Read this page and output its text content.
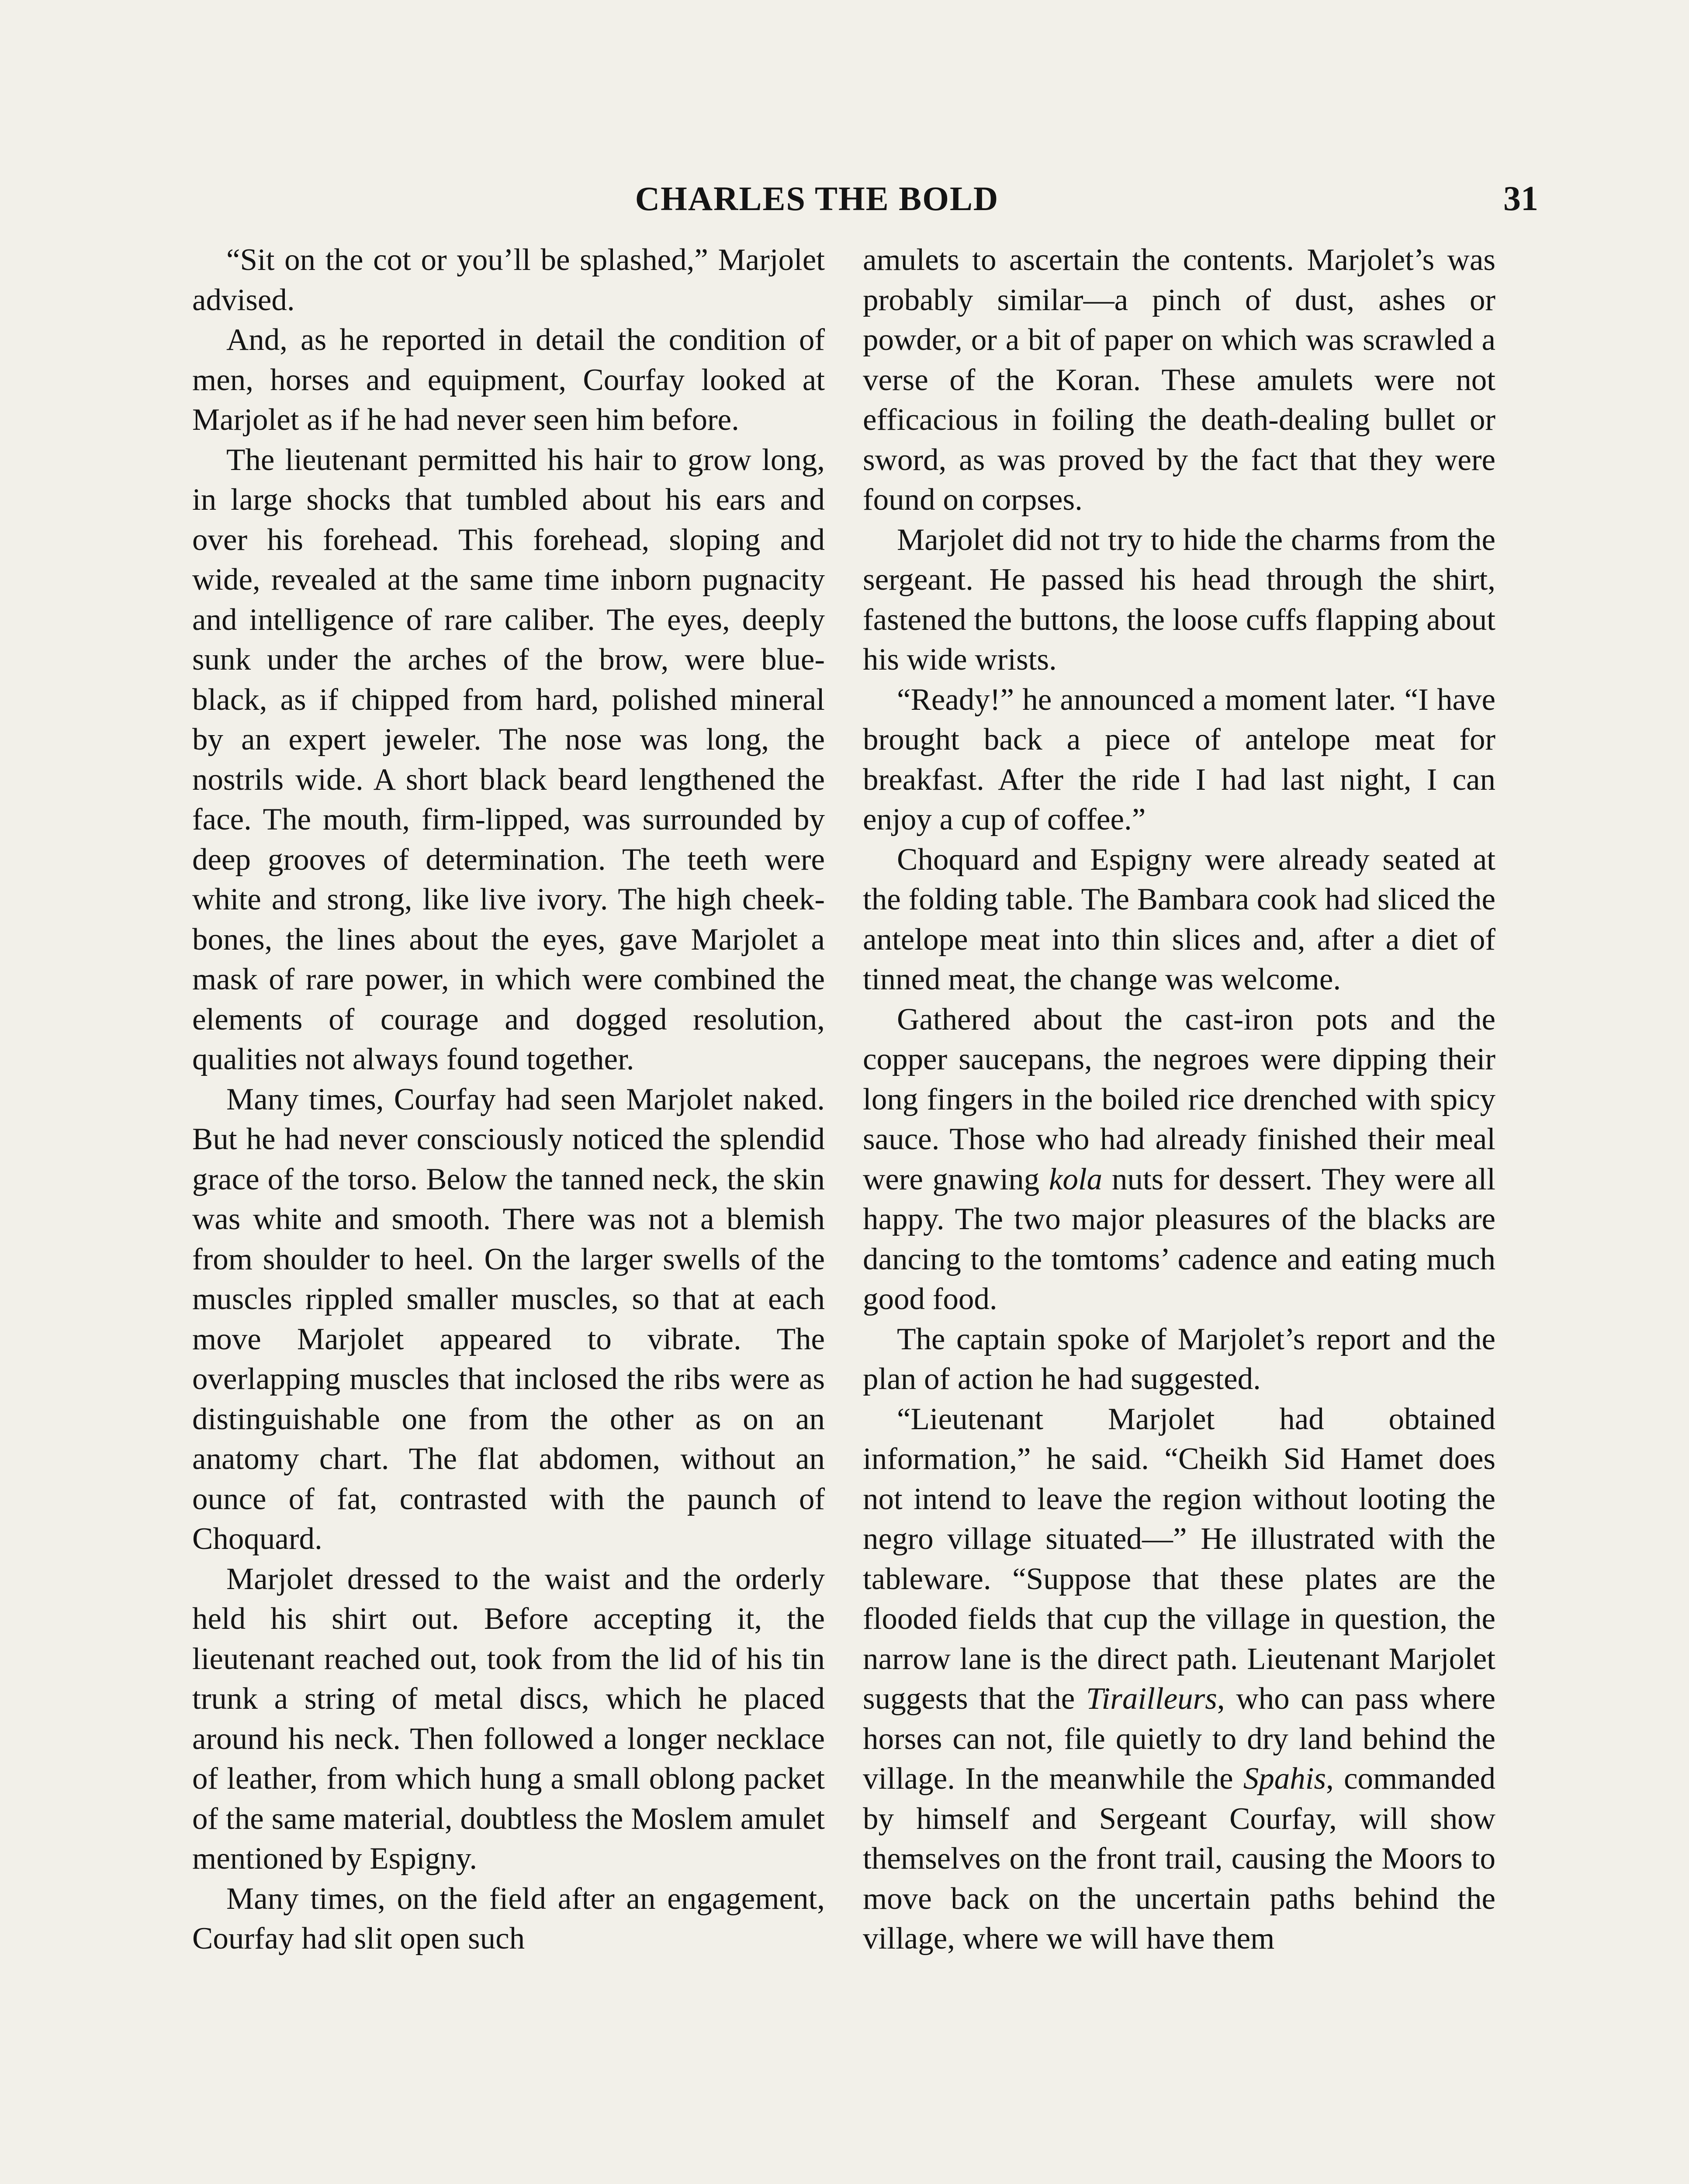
CHARLES THE BOLD	31

“Sit on the cot or you’ll be splashed,” Marjolet advised.

And, as he reported in detail the condition of men, horses and equipment, Courfay looked at Marjolet as if he had never seen him before.

The lieutenant permitted his hair to grow long, in large shocks that tumbled about his ears and over his forehead. This forehead, sloping and wide, revealed at the same time inborn pugnacity and intelligence of rare caliber. The eyes, deeply sunk under the arches of the brow, were blue-black, as if chipped from hard, polished mineral by an expert jeweler. The nose was long, the nostrils wide. A short black beard lengthened the face. The mouth, firm-lipped, was surrounded by deep grooves of determination. The teeth were white and strong, like live ivory. The high cheek-bones, the lines about the eyes, gave Marjolet a mask of rare power, in which were combined the elements of courage and dogged resolution, qualities not always found together.

Many times, Courfay had seen Marjolet naked. But he had never consciously noticed the splendid grace of the torso. Below the tanned neck, the skin was white and smooth. There was not a blemish from shoulder to heel. On the larger swells of the muscles rippled smaller muscles, so that at each move Marjolet appeared to vibrate. The overlapping muscles that inclosed the ribs were as distinguishable one from the other as on an anatomy chart. The flat abdomen, without an ounce of fat, contrasted with the paunch of Choquard.

Marjolet dressed to the waist and the orderly held his shirt out. Before accepting it, the lieutenant reached out, took from the lid of his tin trunk a string of metal discs, which he placed around his neck. Then followed a longer necklace of leather, from which hung a small oblong packet of the same material, doubtless the Moslem amulet mentioned by Espigny.

Many times, on the field after an engagement, Courfay had slit open such

amulets to ascertain the contents. Marjolet’s was probably similar—a pinch of dust, ashes or powder, or a bit of paper on which was scrawled a verse of the Koran. These amulets were not efficacious in foiling the death-dealing bullet or sword, as was proved by the fact that they were found on corpses.

Marjolet did not try to hide the charms from the sergeant. He passed his head through the shirt, fastened the buttons, the loose cuffs flapping about his wide wrists.

“Ready!” he announced a moment later. “I have brought back a piece of antelope meat for breakfast. After the ride I had last night, I can enjoy a cup of coffee.”

Choquard and Espigny were already seated at the folding table. The Bambara cook had sliced the antelope meat into thin slices and, after a diet of tinned meat, the change was welcome.

Gathered about the cast-iron pots and the copper saucepans, the negroes were dipping their long fingers in the boiled rice drenched with spicy sauce. Those who had already finished their meal were gnawing kola nuts for dessert. They were all happy. The two major pleasures of the blacks are dancing to the tomtoms’ cadence and eating much good food.

The captain spoke of Marjolet’s report and the plan of action he had suggested.

“Lieutenant Marjolet had obtained information,” he said. “Cheikh Sid Hamet does not intend to leave the region without looting the negro village situated—” He illustrated with the tableware. “Suppose that these plates are the flooded fields that cup the village in question, the narrow lane is the direct path. Lieutenant Marjolet suggests that the Tirailleurs, who can pass where horses can not, file quietly to dry land behind the village. In the meanwhile the Spahis, commanded by himself and Sergeant Courfay, will show themselves on the front trail, causing the Moors to move back on the uncertain paths behind the village, where we will have them
